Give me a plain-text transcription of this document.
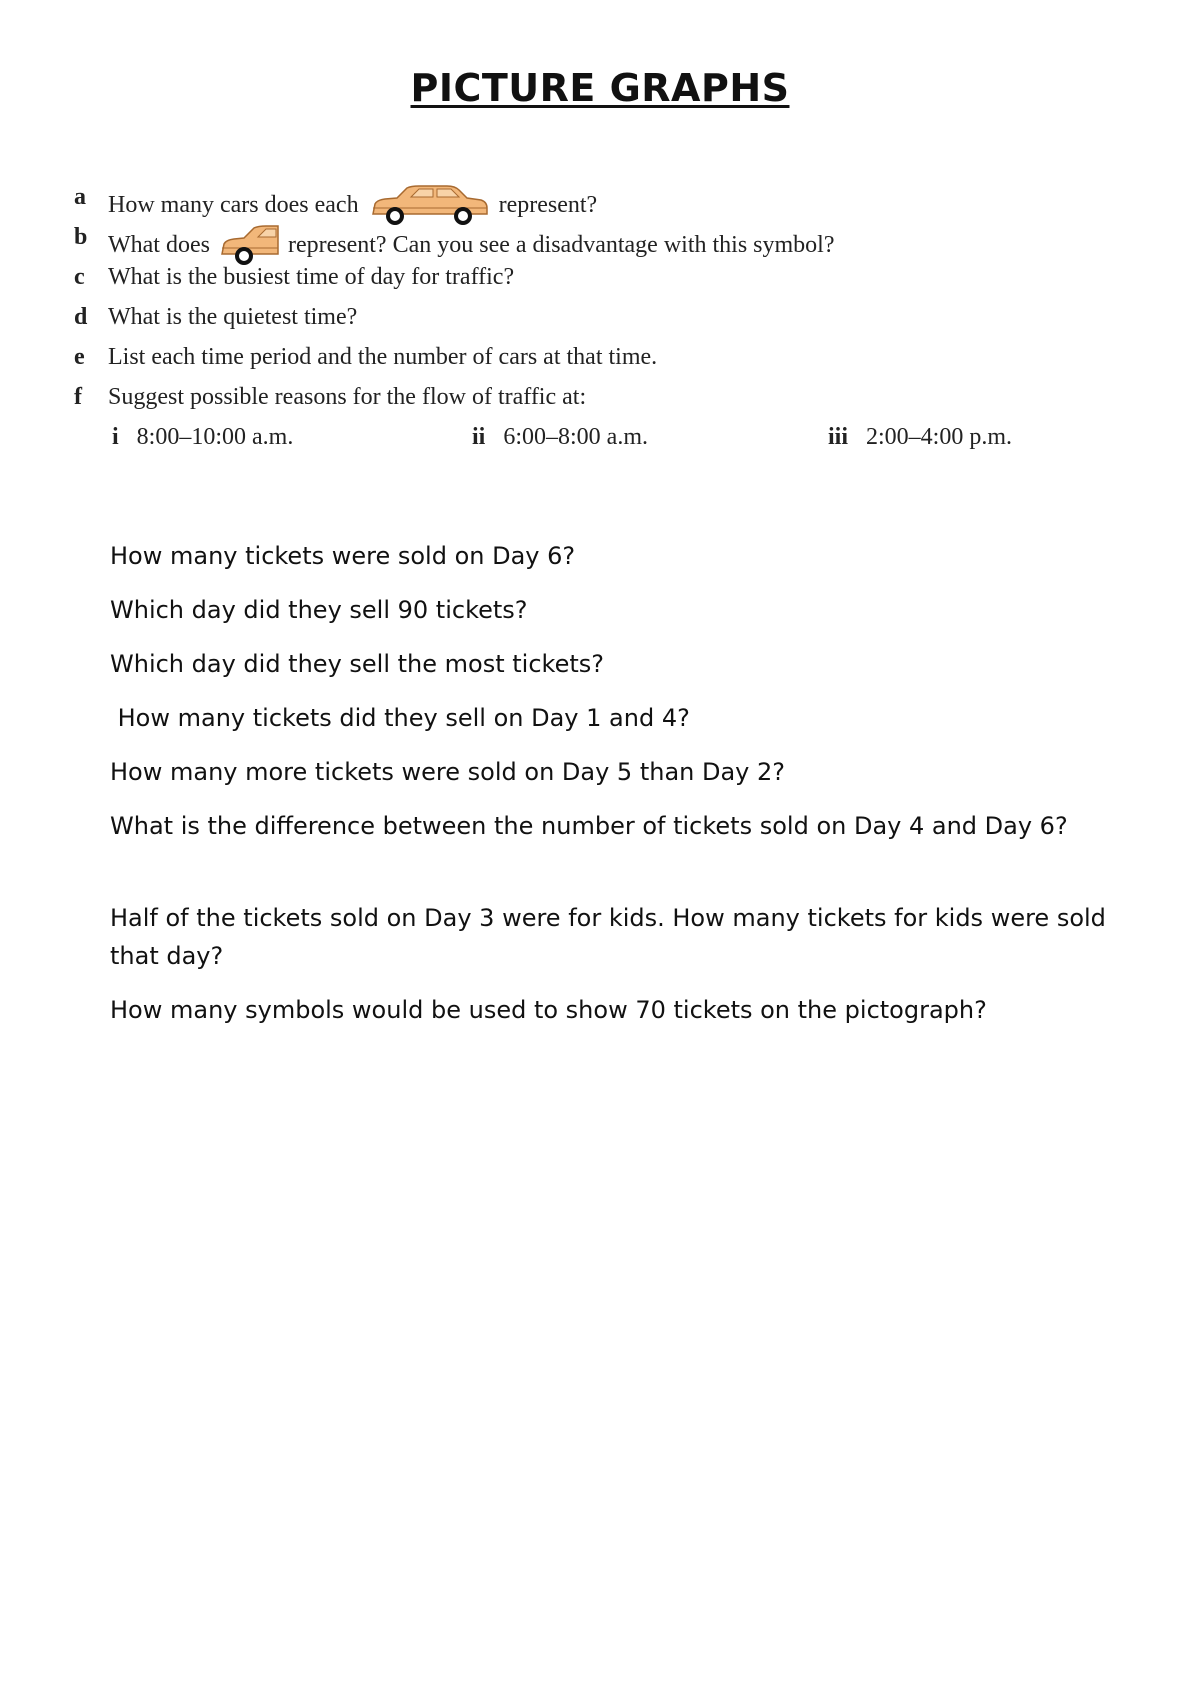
PICTURE GRAPHS
a How many cars does each	represent?
b What does	represent? Can you see a disadvantage with this symbol?
c What is the busiest time of day for traffic?
d What is the quietest time?
e List each time period and the number of cars at that time.
f Suggest possible reasons for the flow of traffic at:
i 8:00–10:00 a.m.	ii 6:00–8:00 a.m.	iii 2:00–4:00 p.m.

How many tickets were sold on Day 6?

Which day did they sell 90 tickets?

Which day did they sell the most tickets?

How many tickets did they sell on Day 1 and 4?

How many more tickets were sold on Day 5 than Day 2?

What is the difference between the number of tickets sold on Day 4 and Day 6?

Half of the tickets sold on Day 3 were for kids. How many tickets for kids were sold that day?

How many symbols would be used to show 70 tickets on the pictograph?
